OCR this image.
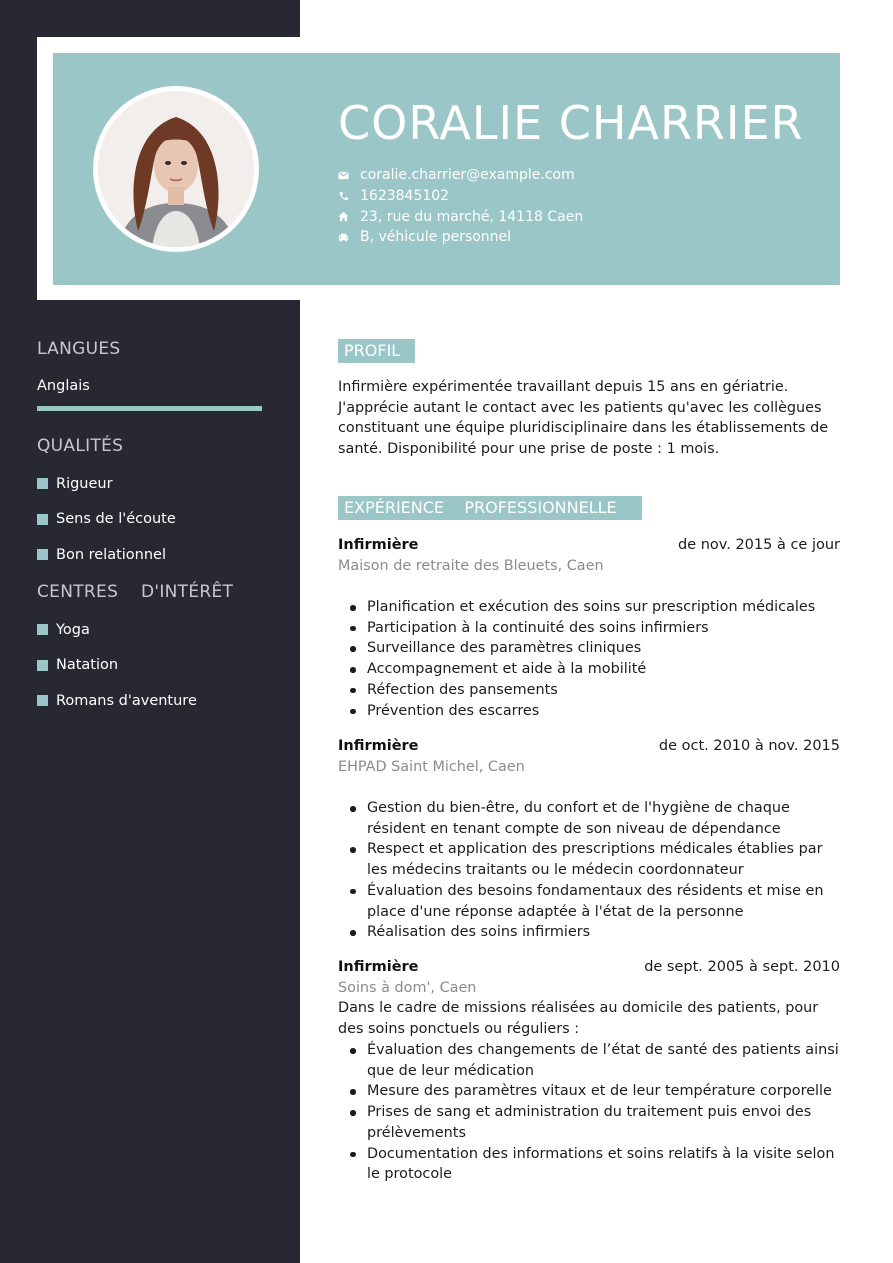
CORALIE CHARRIER
coralie.charrier@example.com
1623845102
23, rue du marché, 14118 Caen
B, véhicule personnel
LANGUES
Anglais
QUALITÉS
Rigueur
Sens de l'écoute
Bon relationnel
CENTRES    D'INTÉRÊT
Yoga
Natation
Romans d'aventure
PROFIL

Infirmière expérimentée travaillant depuis 15 ans en gériatrie. J'apprécie autant le contact avec les patients qu'avec les collègues constituant une équipe pluridisciplinaire dans les établissements de santé. Disponibilité pour une prise de poste : 1 mois.

EXPÉRIENCE    PROFESSIONNELLE
Infirmière	de nov. 2015 à ce jour
Maison de retraite des Bleuets, Caen
Planification et exécution des soins sur prescription médicales
Participation à la continuité des soins infirmiers
Surveillance des paramètres cliniques
Accompagnement et aide à la mobilité
Réfection des pansements
Prévention des escarres
Infirmière	de oct. 2010 à nov. 2015
EHPAD Saint Michel, Caen
Gestion du bien-être, du confort et de l'hygiène de chaque résident en tenant compte de son niveau de dépendance
Respect et application des prescriptions médicales établies par les médecins traitants ou le médecin coordonnateur
Évaluation des besoins fondamentaux des résidents et mise en place d'une réponse adaptée à l'état de la personne
Réalisation des soins infirmiers
Infirmière	de sept. 2005 à sept. 2010
Soins à dom', Caen

Dans le cadre de missions réalisées au domicile des patients, pour des soins ponctuels ou réguliers :

Évaluation des changements de l’état de santé des patients ainsi que de leur médication
Mesure des paramètres vitaux et de leur température corporelle
Prises de sang et administration du traitement puis envoi des prélèvements
Documentation des informations et soins relatifs à la visite selon le protocole
